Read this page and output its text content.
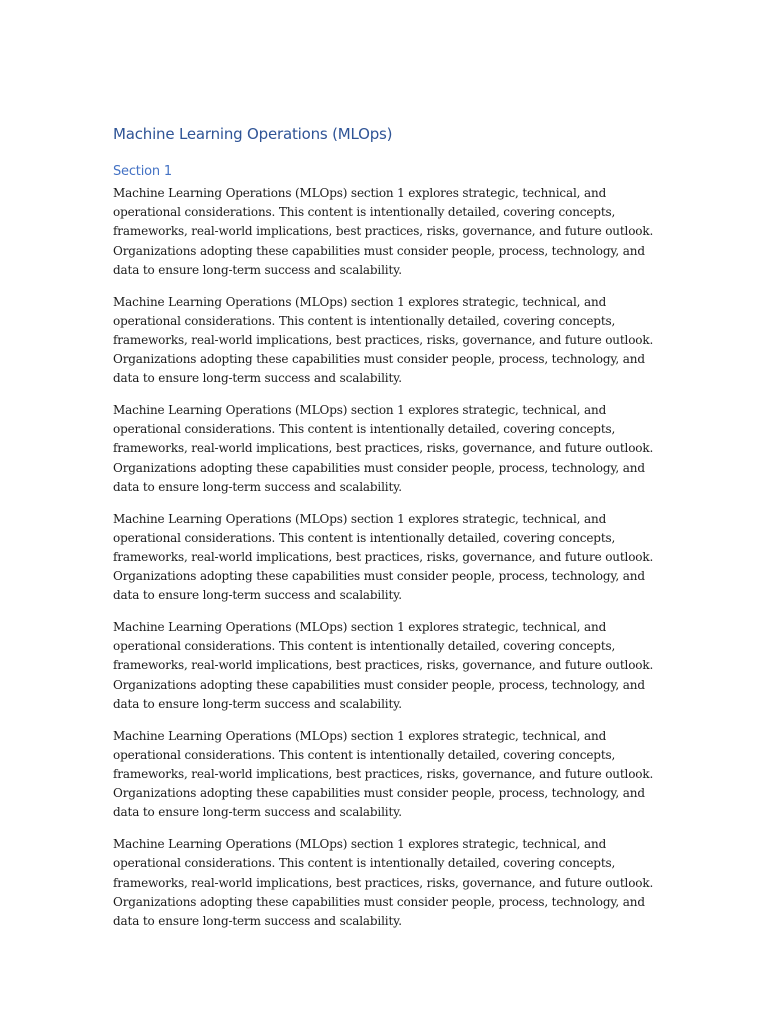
Machine Learning Operations (MLOps)
Section 1

Machine Learning Operations (MLOps) section 1 explores strategic, technical, and operational considerations. This content is intentionally detailed, covering concepts, frameworks, real-world implications, best practices, risks, governance, and future outlook. Organizations adopting these capabilities must consider people, process, technology, and data to ensure long-term success and scalability.

Machine Learning Operations (MLOps) section 1 explores strategic, technical, and operational considerations. This content is intentionally detailed, covering concepts, frameworks, real-world implications, best practices, risks, governance, and future outlook. Organizations adopting these capabilities must consider people, process, technology, and data to ensure long-term success and scalability.

Machine Learning Operations (MLOps) section 1 explores strategic, technical, and operational considerations. This content is intentionally detailed, covering concepts, frameworks, real-world implications, best practices, risks, governance, and future outlook. Organizations adopting these capabilities must consider people, process, technology, and data to ensure long-term success and scalability.

Machine Learning Operations (MLOps) section 1 explores strategic, technical, and operational considerations. This content is intentionally detailed, covering concepts, frameworks, real-world implications, best practices, risks, governance, and future outlook. Organizations adopting these capabilities must consider people, process, technology, and data to ensure long-term success and scalability.

Machine Learning Operations (MLOps) section 1 explores strategic, technical, and operational considerations. This content is intentionally detailed, covering concepts, frameworks, real-world implications, best practices, risks, governance, and future outlook. Organizations adopting these capabilities must consider people, process, technology, and data to ensure long-term success and scalability.

Machine Learning Operations (MLOps) section 1 explores strategic, technical, and operational considerations. This content is intentionally detailed, covering concepts, frameworks, real-world implications, best practices, risks, governance, and future outlook. Organizations adopting these capabilities must consider people, process, technology, and data to ensure long-term success and scalability.

Machine Learning Operations (MLOps) section 1 explores strategic, technical, and operational considerations. This content is intentionally detailed, covering concepts, frameworks, real-world implications, best practices, risks, governance, and future outlook. Organizations adopting these capabilities must consider people, process, technology, and data to ensure long-term success and scalability.
